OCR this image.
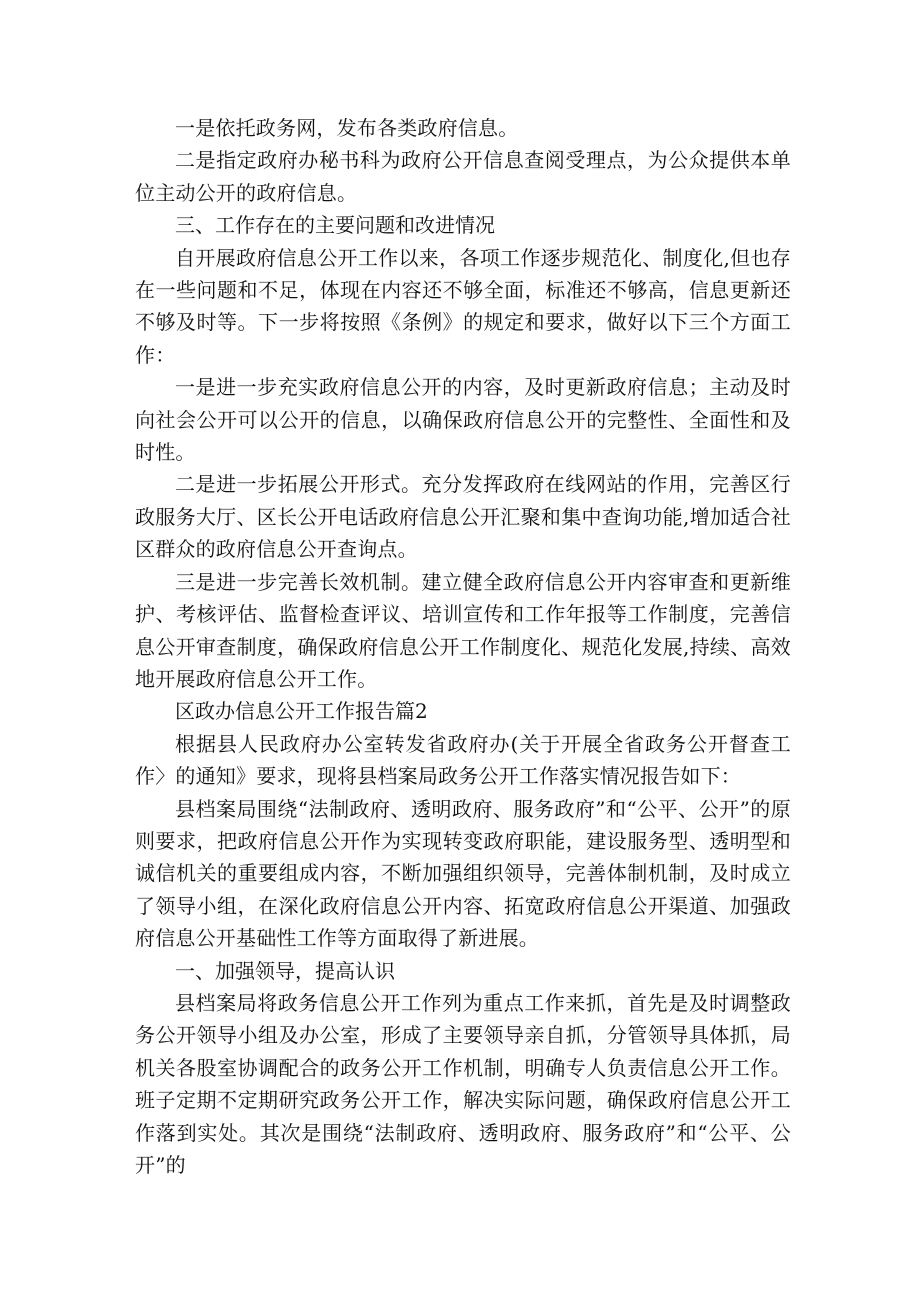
一是依托政务网，发布各类政府信息。

二是指定政府办秘书科为政府公开信息查阅受理点，为公众提供本单位主动公开的政府信息。

三、工作存在的主要问题和改进情况

自开展政府信息公开工作以来，各项工作逐步规范化、制度化,但也存在一些问题和不足，体现在内容还不够全面，标准还不够高，信息更新还不够及时等。下一步将按照《条例》的规定和要求，做好以下三个方面工作：

一是进一步充实政府信息公开的内容，及时更新政府信息；主动及时向社会公开可以公开的信息，以确保政府信息公开的完整性、全面性和及时性。

二是进一步拓展公开形式。充分发挥政府在线网站的作用，完善区行政服务大厅、区长公开电话政府信息公开汇聚和集中查询功能,增加适合社区群众的政府信息公开查询点。

三是进一步完善长效机制。建立健全政府信息公开内容审查和更新维护、考核评估、监督检查评议、培训宣传和工作年报等工作制度，完善信息公开审查制度，确保政府信息公开工作制度化、规范化发展,持续、高效地开展政府信息公开工作。

区政办信息公开工作报告篇2

根据县人民政府办公室转发省政府办(关于开展全省政务公开督查工作〉的通知》要求，现将县档案局政务公开工作落实情况报告如下：

县档案局围绕“法制政府、透明政府、服务政府”和“公平、公开”的原则要求，把政府信息公开作为实现转变政府职能，建设服务型、透明型和诚信机关的重要组成内容，不断加强组织领导，完善体制机制，及时成立了领导小组，在深化政府信息公开内容、拓宽政府信息公开渠道、加强政府信息公开基础性工作等方面取得了新进展。

一、加强领导，提高认识

县档案局将政务信息公开工作列为重点工作来抓，首先是及时调整政务公开领导小组及办公室，形成了主要领导亲自抓，分管领导具体抓，局机关各股室协调配合的政务公开工作机制，明确专人负责信息公开工作。班子定期不定期研究政务公开工作，解决实际问题，确保政府信息公开工作落到实处。其次是围绕“法制政府、透明政府、服务政府”和“公平、公开”的
